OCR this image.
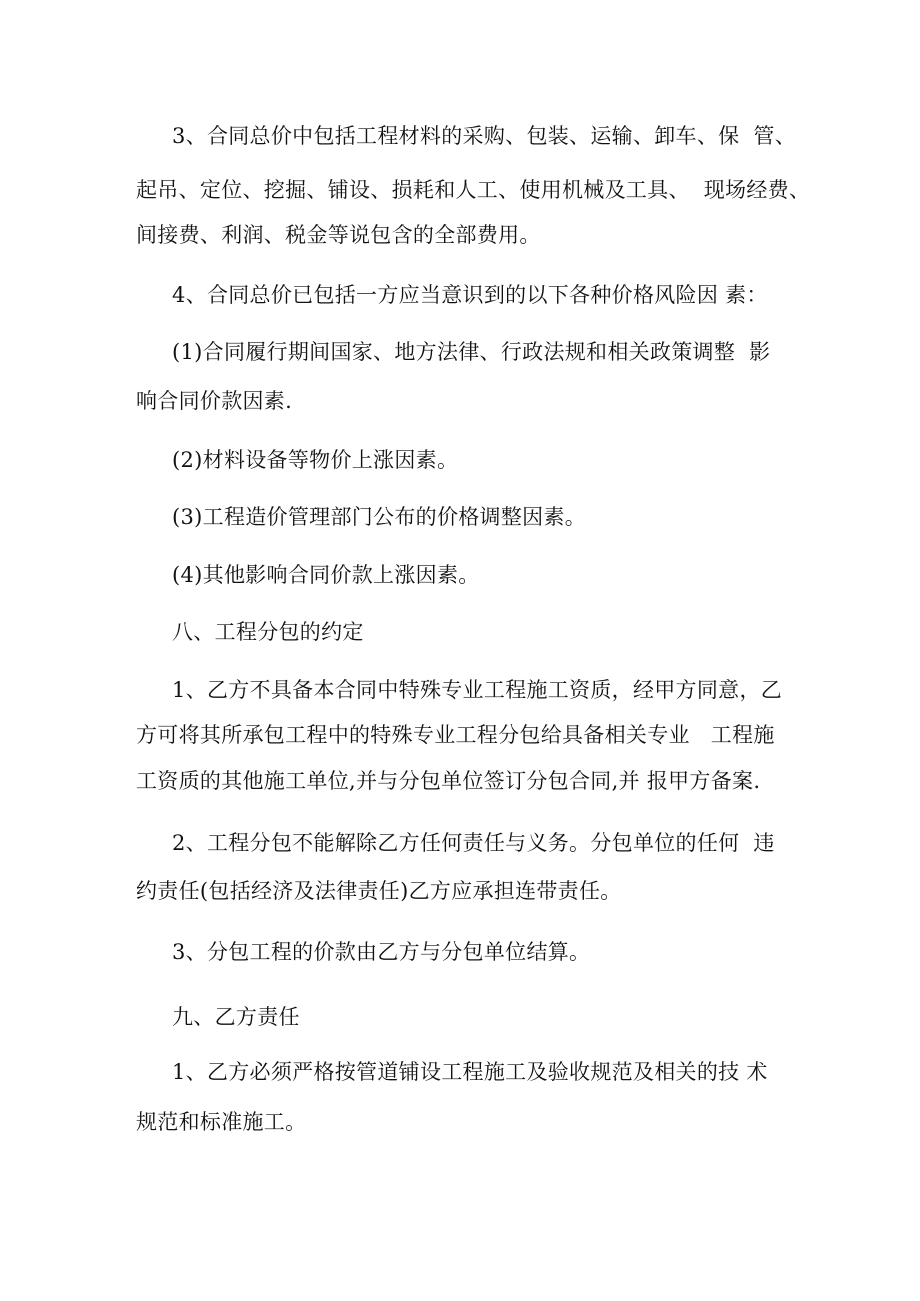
3、合同总价中包括工程材料的采购、包装、运输、卸车、保  管、
起吊、定位、挖掘、铺设、损耗和人工、使用机械及工具、  现场经费、
间接费、利润、税金等说包含的全部费用。
4、合同总价已包括一方应当意识到的以下各种价格风险因 素：
(1)合同履行期间国家、地方法律、行政法规和相关政策调整  影
响合同价款因素.
(2)材料设备等物价上涨因素。
(3)工程造价管理部门公布的价格调整因素。
(4)其他影响合同价款上涨因素。
八、工程分包的约定
1、乙方不具备本合同中特殊专业工程施工资质，经甲方同意，乙
方可将其所承包工程中的特殊专业工程分包给具备相关专业   工程施
工资质的其他施工单位,并与分包单位签订分包合同,并 报甲方备案.
2、工程分包不能解除乙方任何责任与义务。分包单位的任何  违
约责任(包括经济及法律责任)乙方应承担连带责任。
3、分包工程的价款由乙方与分包单位结算。
九、乙方责任
1、乙方必须严格按管道铺设工程施工及验收规范及相关的技 术
规范和标准施工。
